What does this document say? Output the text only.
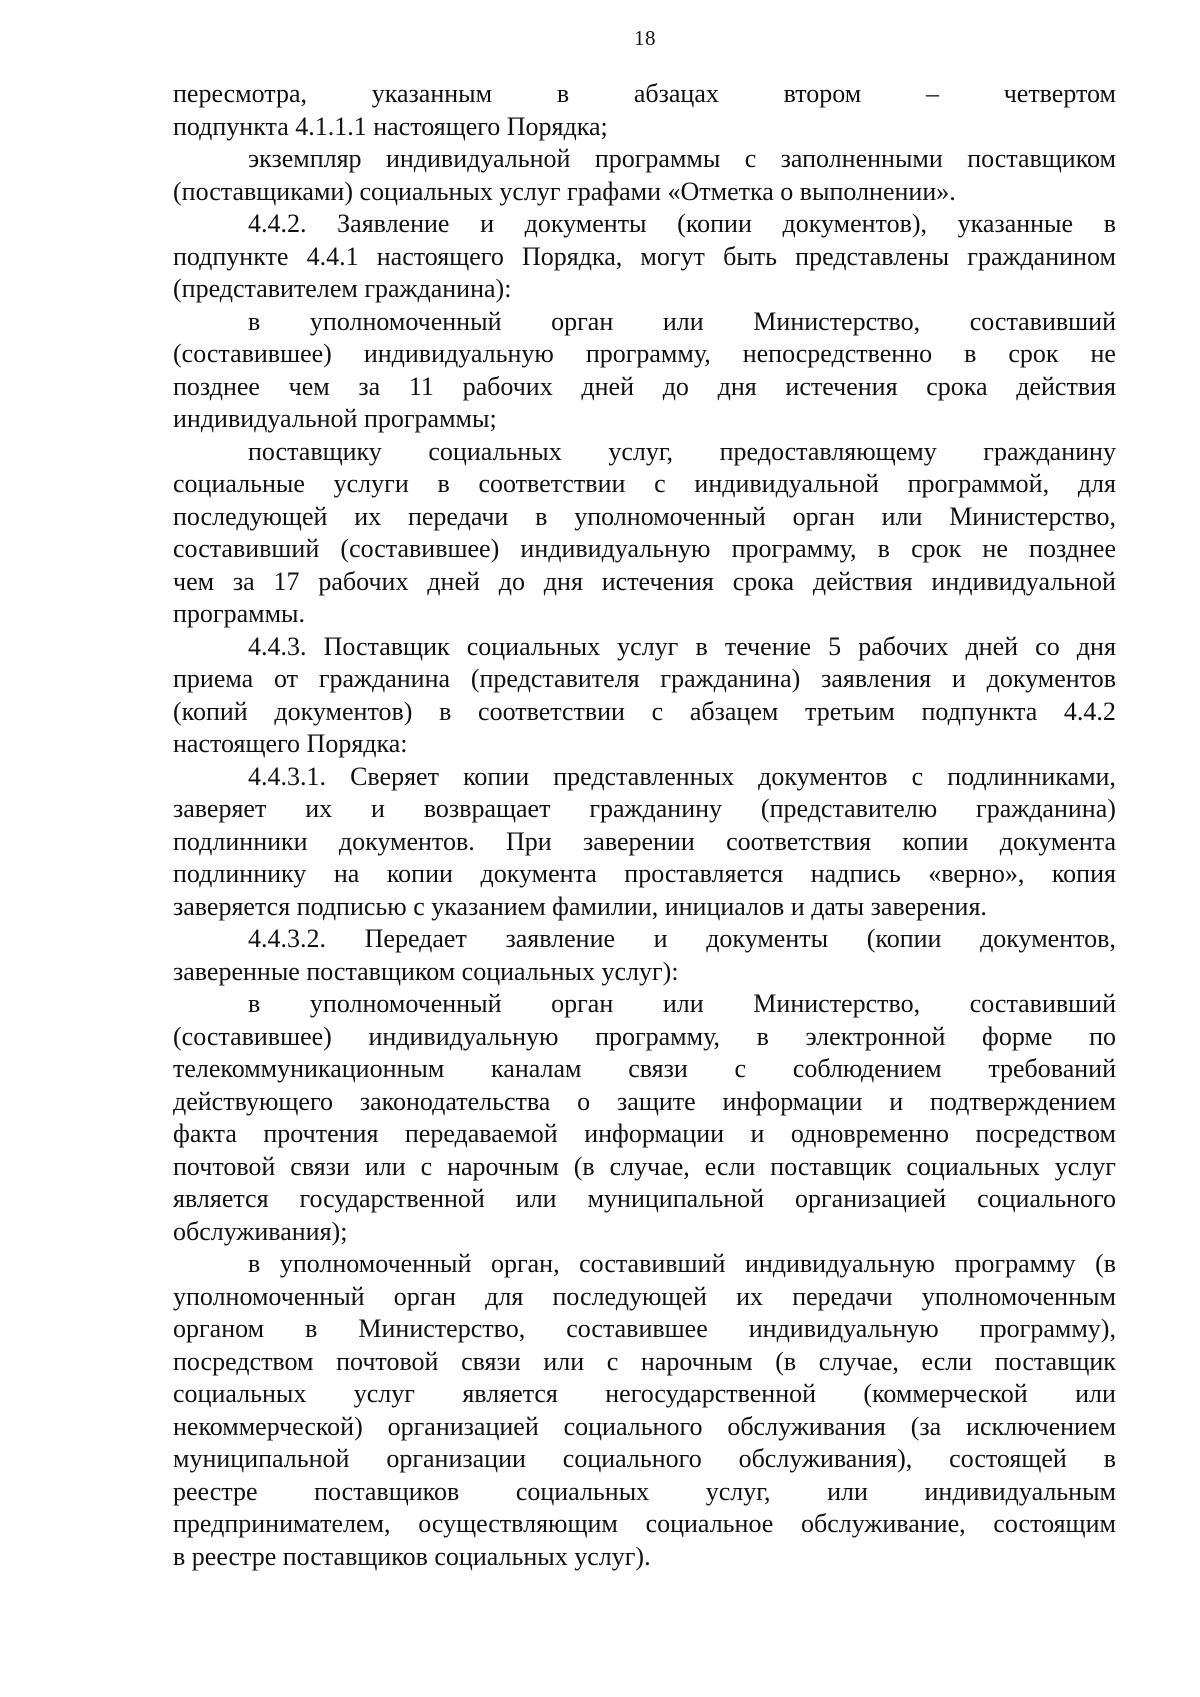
18
пересмотра, указанным в абзацах втором – четвертом
подпункта 4.1.1.1 настоящего Порядка;
экземпляр индивидуальной программы с заполненными поставщиком
(поставщиками) социальных услуг графами «Отметка о выполнении».
4.4.2. Заявление и документы (копии документов), указанные в
подпункте 4.4.1 настоящего Порядка, могут быть представлены гражданином
(представителем гражданина):
в уполномоченный орган или Министерство, составивший
(составившее) индивидуальную программу, непосредственно в срок не
позднее чем за 11 рабочих дней до дня истечения срока действия
индивидуальной программы;
поставщику социальных услуг, предоставляющему гражданину
социальные услуги в соответствии с индивидуальной программой, для
последующей их передачи в уполномоченный орган или Министерство,
составивший (составившее) индивидуальную программу, в срок не позднее
чем за 17 рабочих дней до дня истечения срока действия индивидуальной
программы.
4.4.3. Поставщик социальных услуг в течение 5 рабочих дней со дня
приема от гражданина (представителя гражданина) заявления и документов
(копий документов) в соответствии с абзацем третьим подпункта 4.4.2
настоящего Порядка:
4.4.3.1. Сверяет копии представленных документов с подлинниками,
заверяет их и возвращает гражданину (представителю гражданина)
подлинники документов. При заверении соответствия копии документа
подлиннику на копии документа проставляется надпись «верно», копия
заверяется подписью с указанием фамилии, инициалов и даты заверения.
4.4.3.2. Передает заявление и документы (копии документов,
заверенные поставщиком социальных услуг):
в уполномоченный орган или Министерство, составивший
(составившее) индивидуальную программу, в электронной форме по
телекоммуникационным каналам связи с соблюдением требований
действующего законодательства о защите информации и подтверждением
факта прочтения передаваемой информации и одновременно посредством
почтовой связи или с нарочным (в случае, если поставщик социальных услуг
является государственной или муниципальной организацией социального
обслуживания);
в уполномоченный орган, составивший индивидуальную программу (в
уполномоченный орган для последующей их передачи уполномоченным
органом в Министерство, составившее индивидуальную программу),
посредством почтовой связи или с нарочным (в случае, если поставщик
социальных услуг является негосударственной (коммерческой или
некоммерческой) организацией социального обслуживания (за исключением
муниципальной организации социального обслуживания), состоящей в
реестре поставщиков социальных услуг, или индивидуальным
предпринимателем, осуществляющим социальное обслуживание, состоящим
в реестре поставщиков социальных услуг).
